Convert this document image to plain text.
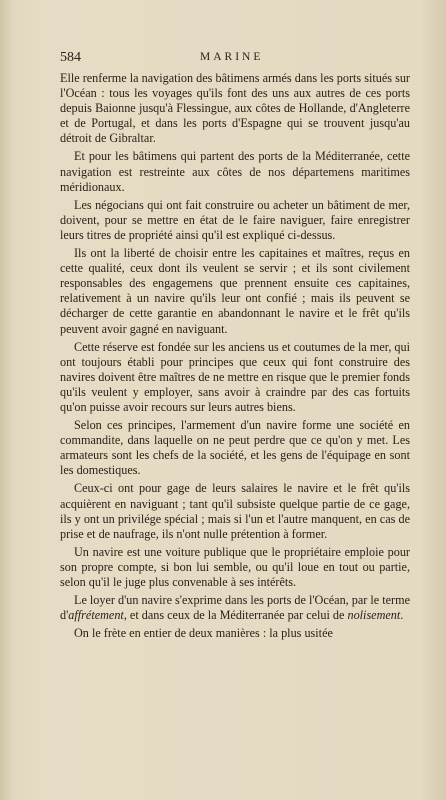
584	MARINE

Elle renferme la navigation des bâtimens armés dans les ports situés sur l'Océan : tous les voyages qu'ils font des uns aux autres de ces ports depuis Baionne jusqu'à Flessingue, aux côtes de Hollande, d'Angleterre et de Portugal, et dans les ports d'Espagne qui se trouvent jusqu'au détroit de Gibraltar.

Et pour les bâtimens qui partent des ports de la Méditerranée, cette navigation est restreinte aux côtes de nos départemens maritimes méridionaux.

Les négocians qui ont fait construire ou acheter un bâtiment de mer, doivent, pour se mettre en état de le faire naviguer, faire enregistrer leurs titres de propriété ainsi qu'il est expliqué ci-dessus.

Ils ont la liberté de choisir entre les capitaines et maîtres, reçus en cette qualité, ceux dont ils veulent se servir ; et ils sont civilement responsables des engagemens que prennent ensuite ces capitaines, relativement à un navire qu'ils leur ont confié ; mais ils peuvent se décharger de cette garantie en abandonnant le navire et le frêt qu'ils peuvent avoir gagné en naviguant.

Cette réserve est fondée sur les anciens us et coutumes de la mer, qui ont toujours établi pour principes que ceux qui font construire des navires doivent être maîtres de ne mettre en risque que le premier fonds qu'ils veulent y employer, sans avoir à craindre par des cas fortuits qu'on puisse avoir recours sur leurs autres biens.

Selon ces principes, l'armement d'un navire forme une société en commandite, dans laquelle on ne peut perdre que ce qu'on y met. Les armateurs sont les chefs de la société, et les gens de l'équipage en sont les domestiques.

Ceux-ci ont pour gage de leurs salaires le navire et le frêt qu'ils acquièrent en naviguant ; tant qu'il subsiste quelque partie de ce gage, ils y ont un privilége spécial ; mais si l'un et l'autre manquent, en cas de prise et de naufrage, ils n'ont nulle prétention à former.

Un navire est une voiture publique que le propriétaire emploie pour son propre compte, si bon lui semble, ou qu'il loue en tout ou partie, selon qu'il le juge plus convenable à ses intérêts.

Le loyer d'un navire s'exprime dans les ports de l'Océan, par le terme d'affrétement, et dans ceux de la Méditerranée par celui de nolisement.

On le frète en entier de deux manières : la plus usitée
